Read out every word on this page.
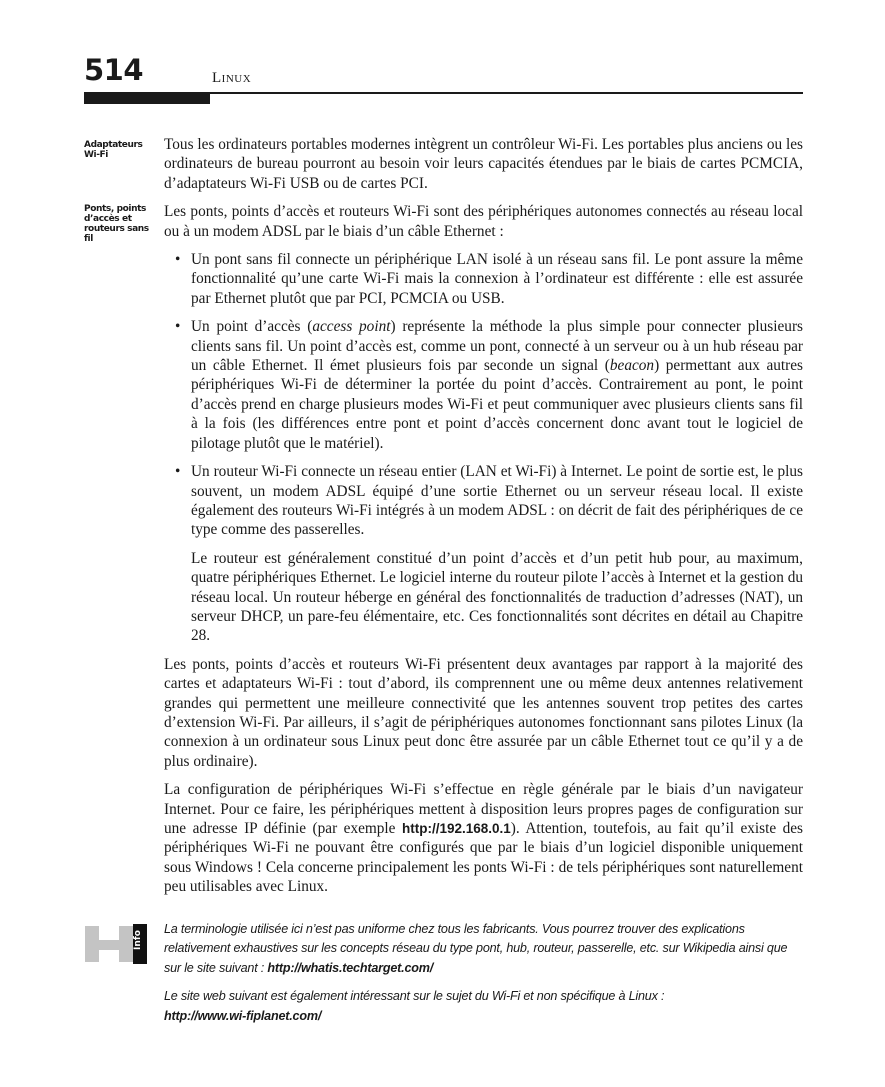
514	Linux
Adaptateurs Wi-Fi
Ponts, points d’accès et routeurs sans fil

Tous les ordinateurs portables modernes intègrent un contrôleur Wi-Fi. Les portables plus anciens ou les ordinateurs de bureau pourront au besoin voir leurs capacités étendues par le biais de cartes PCMCIA, d’adaptateurs Wi-Fi USB ou de cartes PCI.

Les ponts, points d’accès et routeurs Wi-Fi sont des périphériques autonomes connectés au réseau local ou à un modem ADSL par le biais d’un câble Ethernet :

• Un pont sans fil connecte un périphérique LAN isolé à un réseau sans fil. Le pont assure la même fonctionnalité qu’une carte Wi-Fi mais la connexion à l’ordinateur est différente : elle est assurée par Ethernet plutôt que par PCI, PCMCIA ou USB.
• Un point d’accès (access point) représente la méthode la plus simple pour connecter plusieurs clients sans fil. Un point d’accès est, comme un pont, connecté à un serveur ou à un hub réseau par un câble Ethernet. Il émet plusieurs fois par seconde un signal (beacon) permettant aux autres périphériques Wi-Fi de déterminer la portée du point d’accès. Contrairement au pont, le point d’accès prend en charge plusieurs modes Wi-Fi et peut communiquer avec plusieurs clients sans fil à la fois (les différences entre pont et point d’accès concernent donc avant tout le logiciel de pilotage plutôt que le matériel).
• Un routeur Wi-Fi connecte un réseau entier (LAN et Wi-Fi) à Internet. Le point de sortie est, le plus souvent, un modem ADSL équipé d’une sortie Ethernet ou un serveur réseau local. Il existe également des routeurs Wi-Fi intégrés à un modem ADSL : on décrit de fait des périphériques de ce type comme des passerelles.

Le routeur est généralement constitué d’un point d’accès et d’un petit hub pour, au maximum, quatre périphériques Ethernet. Le logiciel interne du routeur pilote l’accès à Internet et la gestion du réseau local. Un routeur héberge en général des fonctionnalités de traduction d’adresses (NAT), un serveur DHCP, un pare-feu élémentaire, etc. Ces fonctionnalités sont décrites en détail au Chapitre 28.

Les ponts, points d’accès et routeurs Wi-Fi présentent deux avantages par rapport à la majorité des cartes et adaptateurs Wi-Fi : tout d’abord, ils comprennent une ou même deux antennes relativement grandes qui permettent une meilleure connectivité que les antennes souvent trop petites des cartes d’extension Wi-Fi. Par ailleurs, il s’agit de périphériques autonomes fonctionnant sans pilotes Linux (la connexion à un ordinateur sous Linux peut donc être assurée par un câble Ethernet tout ce qu’il y a de plus ordinaire).

La configuration de périphériques Wi-Fi s’effectue en règle générale par le biais d’un navigateur Internet. Pour ce faire, les périphériques mettent à disposition leurs propres pages de configuration sur une adresse IP définie (par exemple http://192.168.0.1). Attention, toutefois, au fait qu’il existe des périphériques Wi-Fi ne pouvant être configurés que par le biais d’un logiciel disponible uniquement sous Windows ! Cela concerne principalement les ponts Wi-Fi : de tels périphériques sont naturellement peu utilisables avec Linux.

Info

La terminologie utilisée ici n’est pas uniforme chez tous les fabricants. Vous pourrez trouver des explications relativement exhaustives sur les concepts réseau du type pont, hub, routeur, passerelle, etc. sur Wikipedia ainsi que sur le site suivant : http://whatis.techtarget.com/

Le site web suivant est également intéressant sur le sujet du Wi-Fi et non spécifique à Linux :
http://www.wi-fiplanet.com/
